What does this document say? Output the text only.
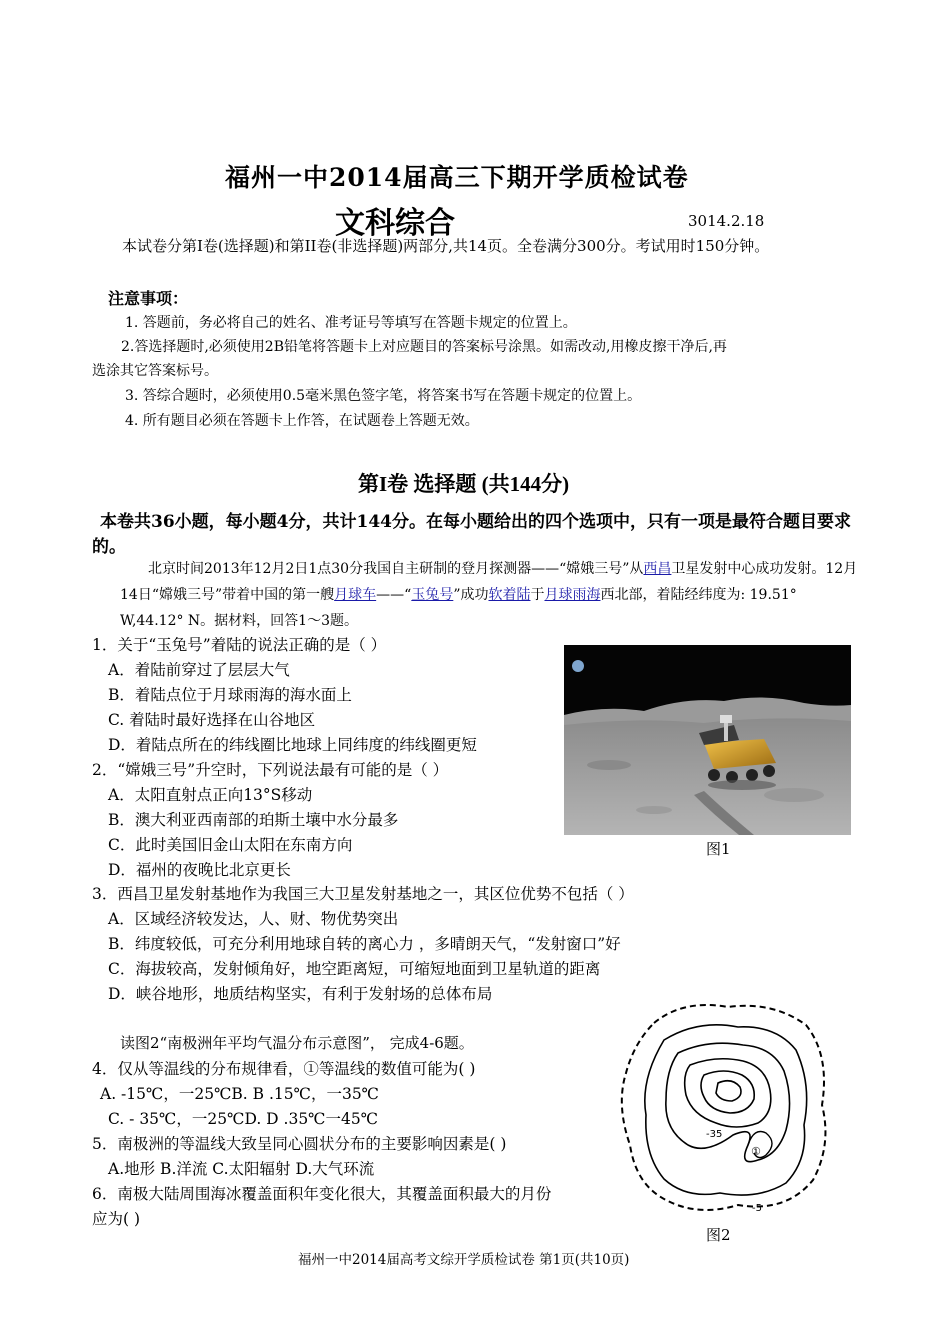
福州一中2014届高三下期开学质检试卷
文科综合	3014.2.18
本试卷分第I卷(选择题)和第II卷(非选择题)两部分,共14页。全卷满分300分。考试用时150分钟。
注意事项：
1. 答题前，务必将自己的姓名、准考证号等填写在答题卡规定的位置上。
2.答选择题时,必须使用2B铅笔将答题卡上对应题目的答案标号涂黑。如需改动,用橡皮擦干净后,再
选涂其它答案标号。
3. 答综合题时，必须使用0.5毫米黑色签字笔，将答案书写在答题卡规定的位置上。
4. 所有题目必须在答题卡上作答，在试题卷上答题无效。
第I卷 选择题 (共144分)
本卷共36小题，每小题4分，共计144分。在每小题给出的四个选项中，只有一项是最符合题目要求的。
北京时间2013年12月2日1点30分我国自主研制的登月探测器——“嫦娥三号”从西昌卫星发射中心成功发射。12月14日“嫦娥三号”带着中国的第一艘月球车——“玉兔号”成功软着陆于月球雨海西北部，着陆经纬度为: 19.51° W,44.12° N。据材料，回答1～3题。
1．关于“玉兔号”着陆的说法正确的是（ ）
A．着陆前穿过了层层大气
B．着陆点位于月球雨海的海水面上
C. 着陆时最好选择在山谷地区
D．着陆点所在的纬线圈比地球上同纬度的纬线圈更短
2．“嫦娥三号”升空时，下列说法最有可能的是（ ）
A．太阳直射点正向13°S移动
B．澳大利亚西南部的珀斯土壤中水分最多
C．此时美国旧金山太阳在东南方向
D．福州的夜晚比北京更长
3．西昌卫星发射基地作为我国三大卫星发射基地之一，其区位优势不包括（ ）
A．区域经济较发达，人、财、物优势突出
B．纬度较低，可充分利用地球自转的离心力 ，多晴朗天气，“发射窗口”好
C．海拔较高，发射倾角好，地空距离短，可缩短地面到卫星轨道的距离
D．峡谷地形，地质结构坚实，有利于发射场的总体布局
读图2“南极洲年平均气温分布示意图”， 完成4-6题。
4．仅从等温线的分布规律看，①等温线的数值可能为( )
A. -15℃，一25℃B. B .15℃，一35℃
C. - 35℃，一25℃D. D .35℃一45℃
5．南极洲的等温线大致呈同心圆状分布的主要影响因素是( )
A.地形 B.洋流 C.太阳辐射 D.大气环流
6．南极大陆周围海冰覆盖面积年变化很大，其覆盖面积最大的月份
应为( )
图1
-35
①
-5
图2
福州一中2014届高考文综开学质检试卷 第1页(共10页)
